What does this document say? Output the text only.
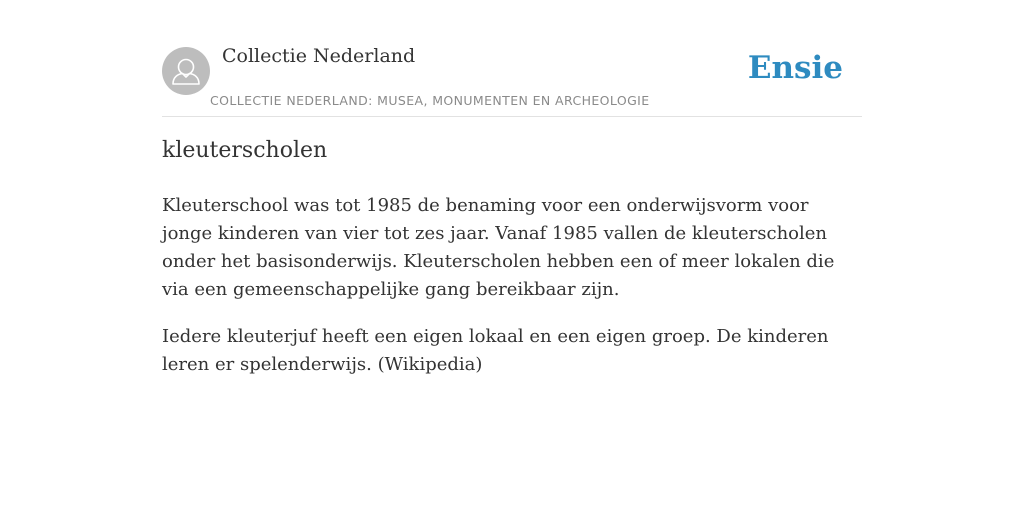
Collectie Nederland
COLLECTIE NEDERLAND: MUSEA, MONUMENTEN EN ARCHEOLOGIE
Ensie
kleuterscholen

Kleuterschool was tot 1985 de benaming voor een onderwijsvorm voor jonge kinderen van vier tot zes jaar. Vanaf 1985 vallen de kleuterscholen onder het basisonderwijs. Kleuterscholen hebben een of meer lokalen die via een gemeenschappelijke gang bereikbaar zijn.

Iedere kleuterjuf heeft een eigen lokaal en een eigen groep. De kinderen leren er spelenderwijs. (Wikipedia)
